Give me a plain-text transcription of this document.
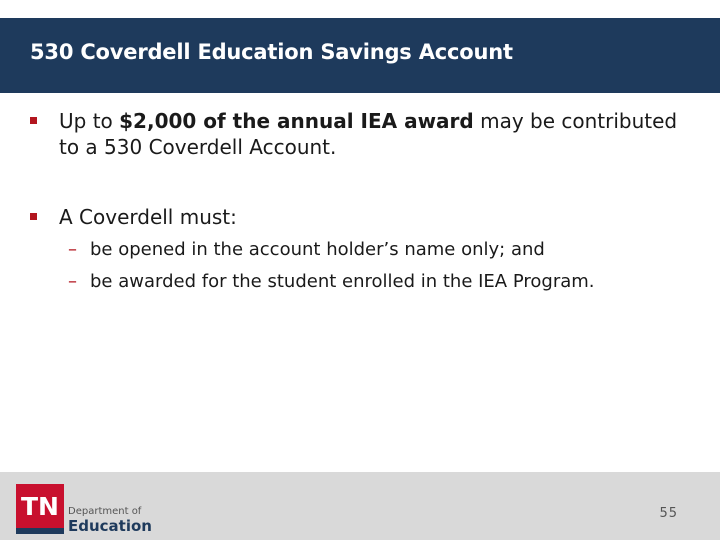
530 Coverdell Education Savings Account
Up to $2,000 of the annual IEA award may be contributed to a 530 Coverdell Account.
A Coverdell must:
– be opened in the account holder’s name only; and
– be awarded for the student enrolled in the IEA Program.
TN Department of
Education
55
